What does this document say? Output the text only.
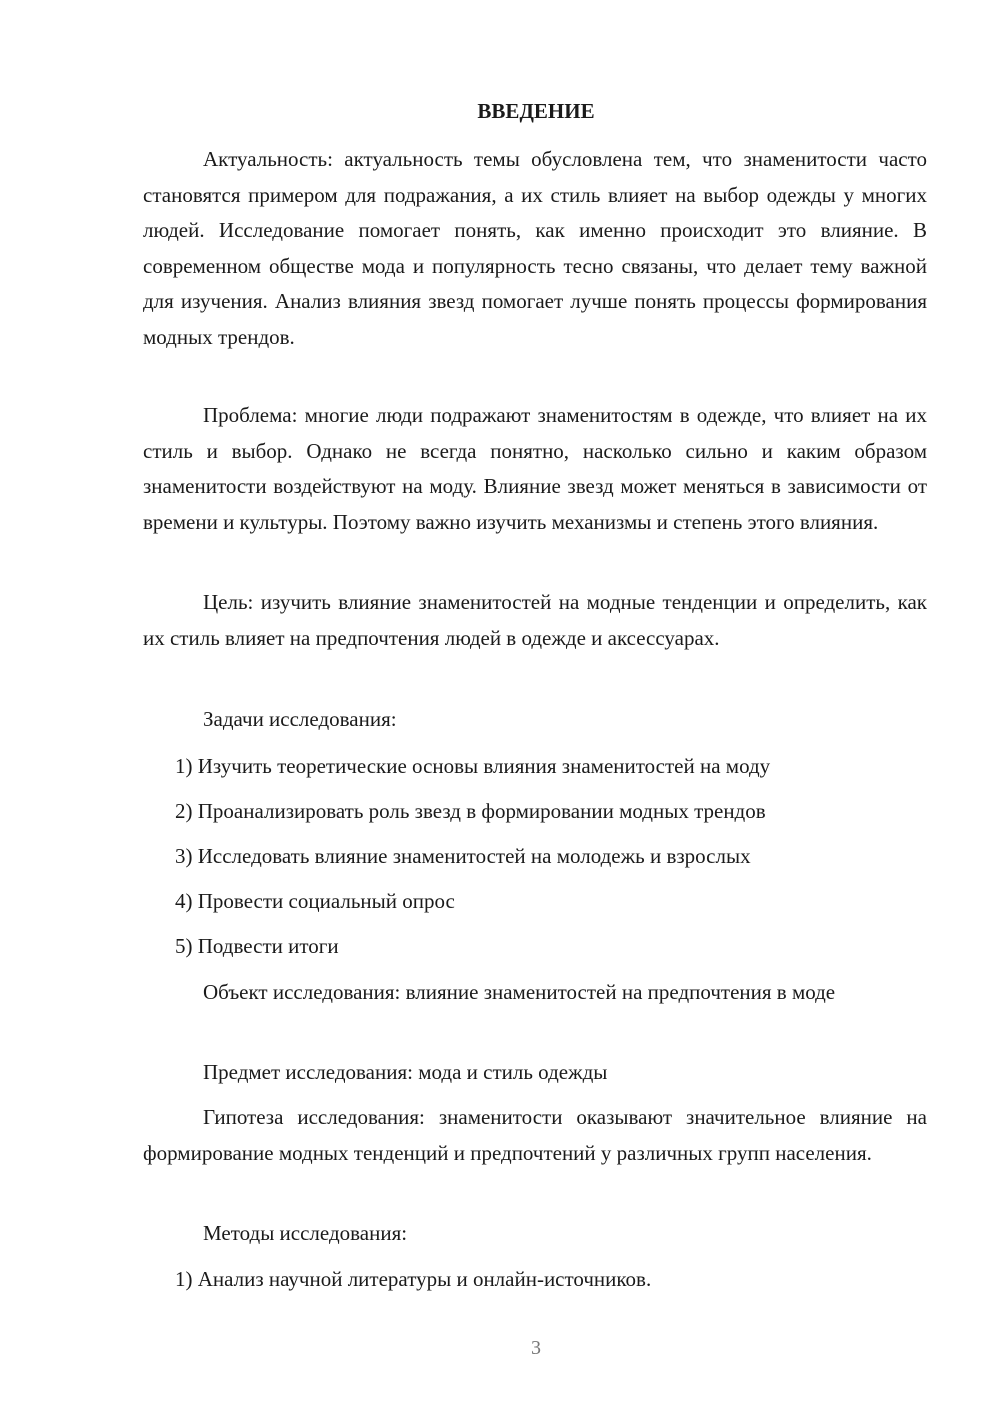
ВВЕДЕНИЕ

Актуальность: актуальность темы обусловлена тем, что знаменитости часто становятся примером для подражания, а их стиль влияет на выбор одежды у многих людей. Исследование помогает понять, как именно происходит это влияние. В современном обществе мода и популярность тесно связаны, что делает тему важной для изучения. Анализ влияния звезд помогает лучше понять процессы формирования модных трендов.

Проблема: многие люди подражают знаменитостям в одежде, что влияет на их стиль и выбор. Однако не всегда понятно, насколько сильно и каким образом знаменитости воздействуют на моду. Влияние звезд может меняться в зависимости от времени и культуры. Поэтому важно изучить механизмы и степень этого влияния.

Цель: изучить влияние знаменитостей на модные тенденции и определить, как их стиль влияет на предпочтения людей в одежде и аксессуарах.

Задачи исследования:

1) Изучить теоретические основы влияния знаменитостей на моду

2) Проанализировать роль звезд в формировании модных трендов

3) Исследовать влияние знаменитостей на молодежь и взрослых

4) Провести социальный опрос

5) Подвести итоги

Объект исследования: влияние знаменитостей на предпочтения в моде

Предмет исследования: мода и стиль одежды

Гипотеза исследования: знаменитости оказывают значительное влияние на формирование модных тенденций и предпочтений у различных групп населения.

Методы исследования:

1) Анализ научной литературы и онлайн-источников.

3
